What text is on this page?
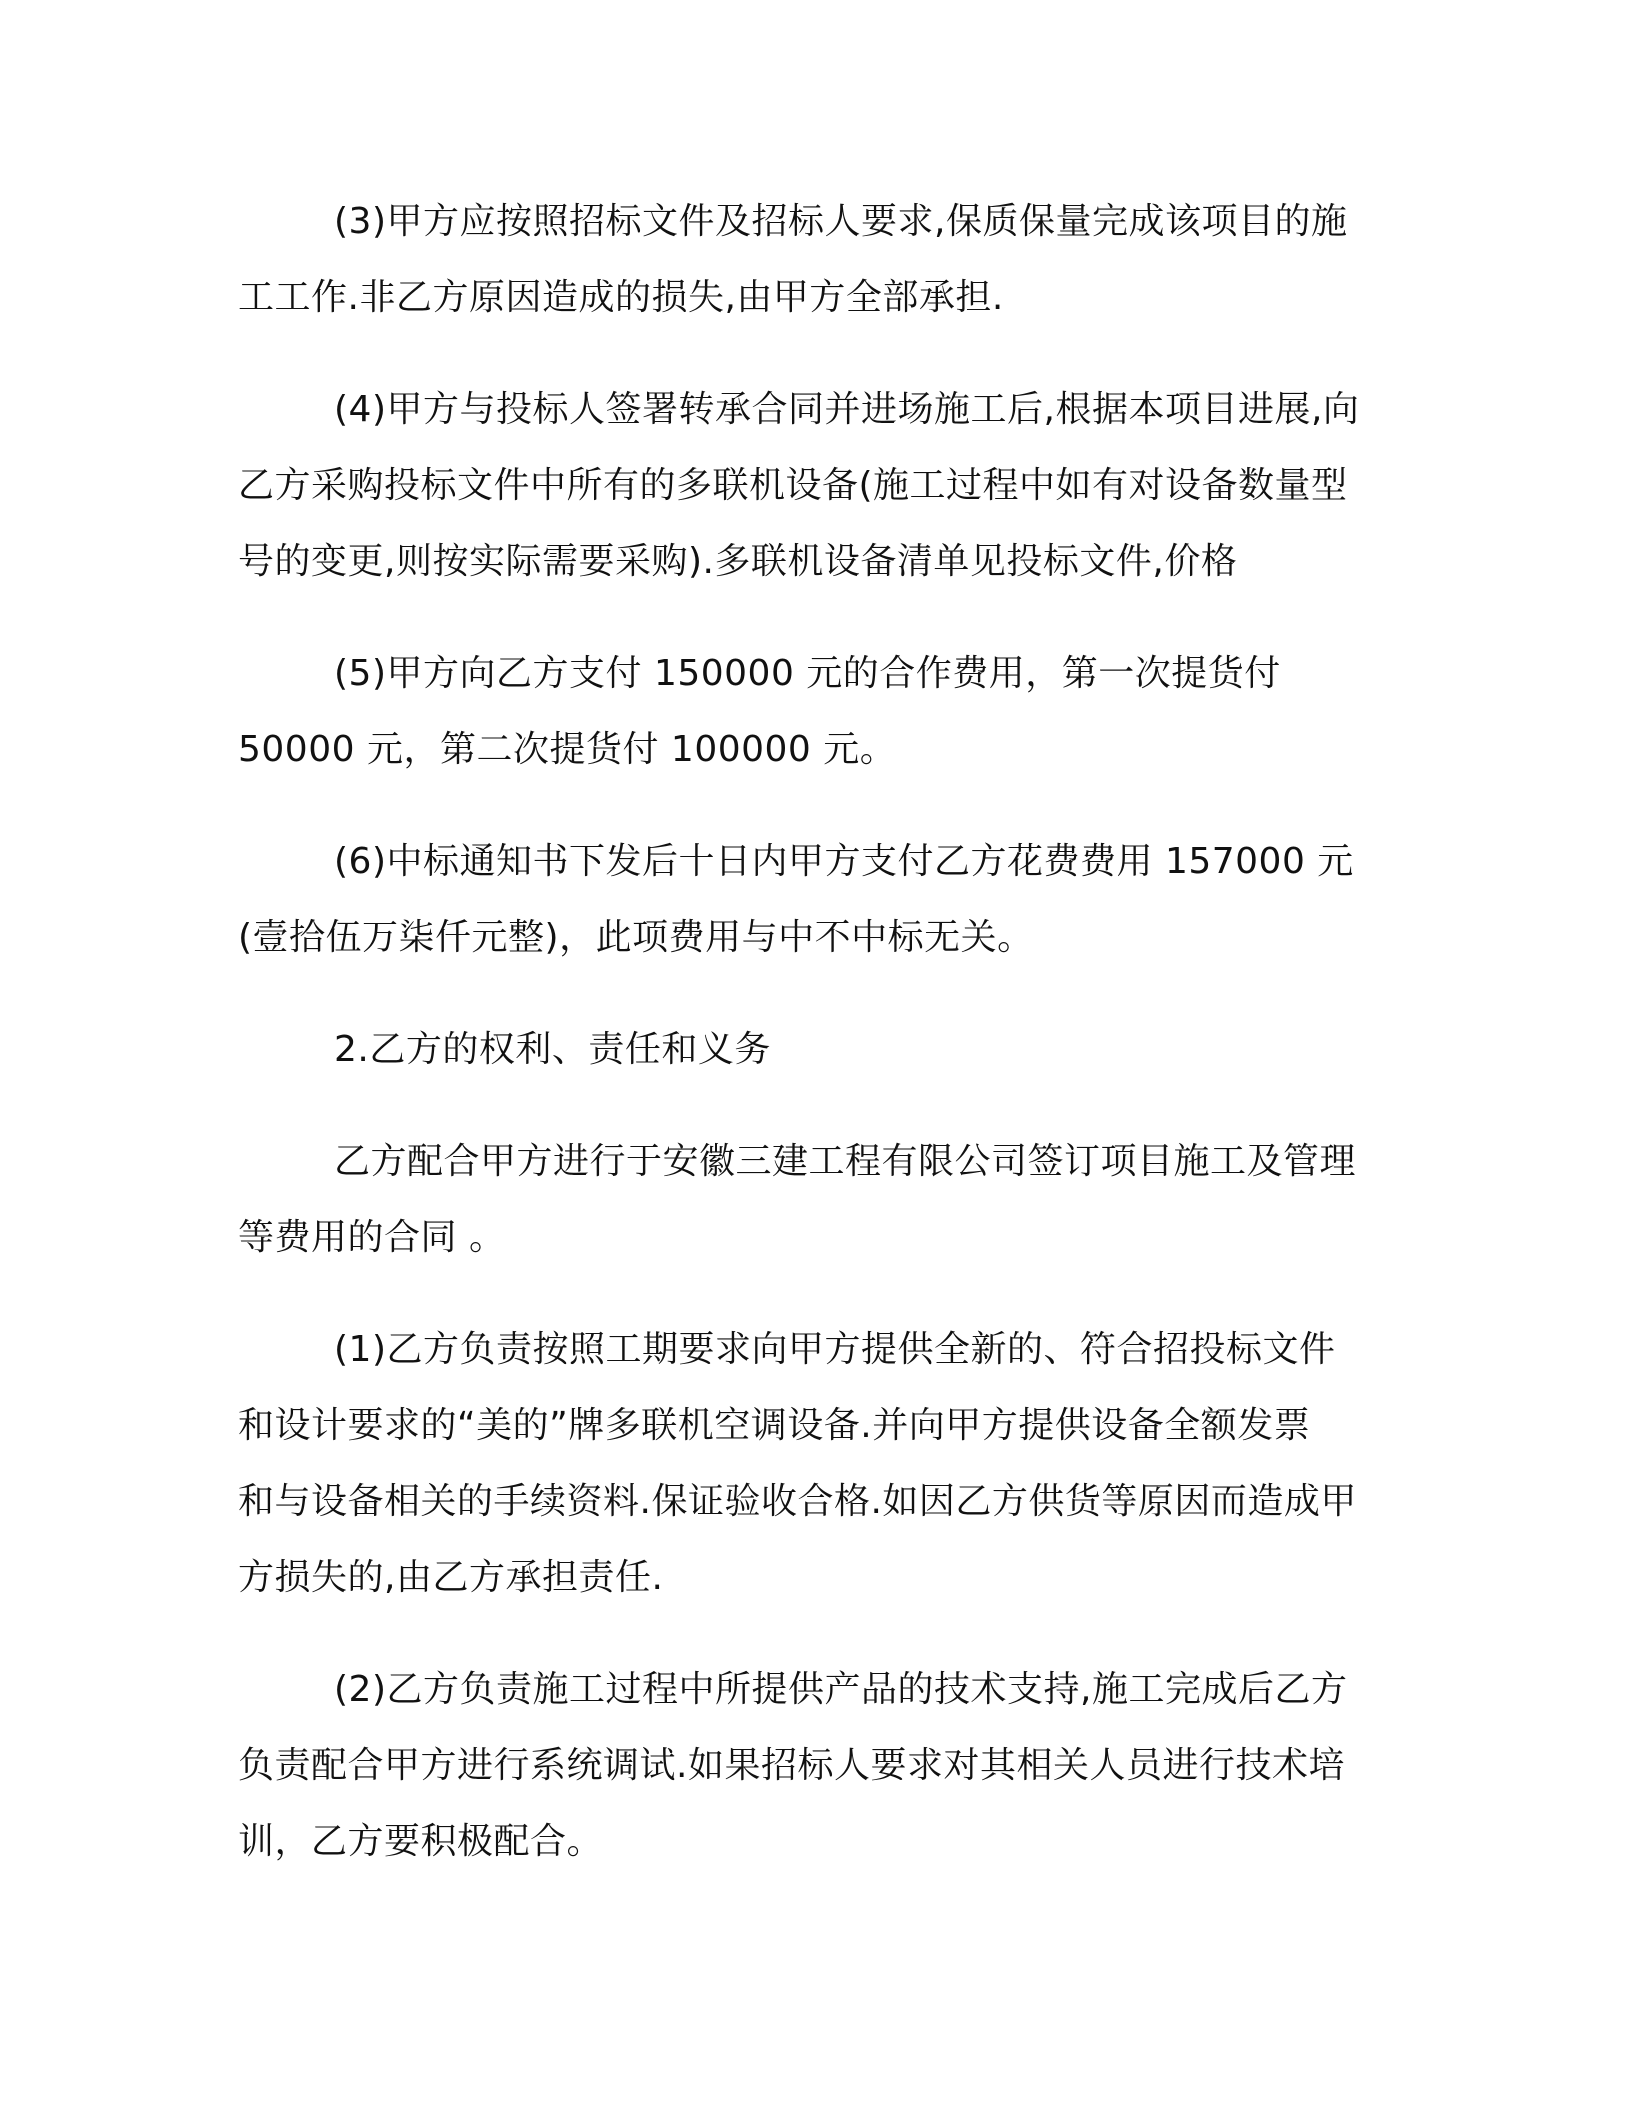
(3)甲方应按照招标文件及招标人要求,保质保量完成该项目的施
工工作.非乙方原因造成的损失,由甲方全部承担.

(4)甲方与投标人签署转承合同并进场施工后,根据本项目进展,向
乙方采购投标文件中所有的多联机设备(施工过程中如有对设备数量型
号的变更,则按实际需要采购).多联机设备清单见投标文件,价格

(5)甲方向乙方支付 150000 元的合作费用，第一次提货付
50000 元，第二次提货付 100000 元。

(6)中标通知书下发后十日内甲方支付乙方花费费用 157000 元
(壹拾伍万柒仟元整)，此项费用与中不中标无关。

2.乙方的权利、责任和义务

乙方配合甲方进行于安徽三建工程有限公司签订项目施工及管理
等费用的合同 。

(1)乙方负责按照工期要求向甲方提供全新的、符合招投标文件
和设计要求的“美的”牌多联机空调设备.并向甲方提供设备全额发票
和与设备相关的手续资料.保证验收合格.如因乙方供货等原因而造成甲
方损失的,由乙方承担责任.

(2)乙方负责施工过程中所提供产品的技术支持,施工完成后乙方
负责配合甲方进行系统调试.如果招标人要求对其相关人员进行技术培
训，乙方要积极配合。
